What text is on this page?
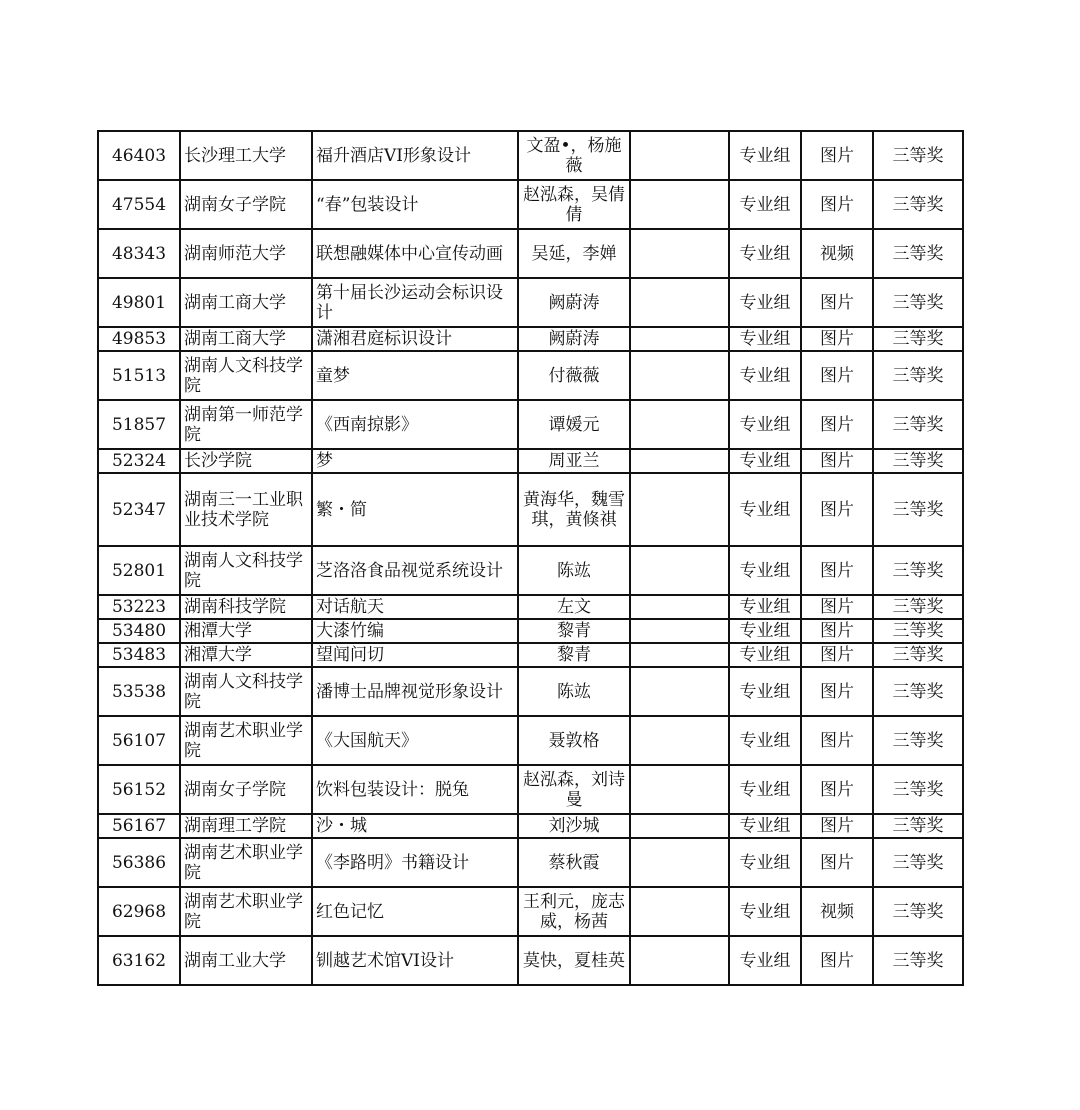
46403	长沙理工大学	福升酒店VI形象设计	文盈•，杨施薇		专业组	图片	三等奖
47554	湖南女子学院	“春”包装设计	赵泓森，吴倩倩		专业组	图片	三等奖
48343	湖南师范大学	联想融媒体中心宣传动画	吴延，李婵		专业组	视频	三等奖
49801	湖南工商大学	第十届长沙运动会标识设计	阙蔚涛		专业组	图片	三等奖
49853	湖南工商大学	潇湘君庭标识设计	阙蔚涛		专业组	图片	三等奖
51513	湖南人文科技学院	童梦	付薇薇		专业组	图片	三等奖
51857	湖南第一师范学院	《西南掠影》	谭媛元		专业组	图片	三等奖
52324	长沙学院	梦	周亚兰		专业组	图片	三等奖
52347	湖南三一工业职业技术学院	繁・简	黄海华，魏雪琪，黄倏祺		专业组	图片	三等奖
52801	湖南人文科技学院	芝洛洛食品视觉系统设计	陈竑		专业组	图片	三等奖
53223	湖南科技学院	对话航天	左文		专业组	图片	三等奖
53480	湘潭大学	大漆竹编	黎青		专业组	图片	三等奖
53483	湘潭大学	望闻问切	黎青		专业组	图片	三等奖
53538	湖南人文科技学院	潘博士品牌视觉形象设计	陈竑		专业组	图片	三等奖
56107	湖南艺术职业学院	《大国航天》	聂敦格		专业组	图片	三等奖
56152	湖南女子学院	饮料包装设计：脱兔	赵泓森，刘诗曼		专业组	图片	三等奖
56167	湖南理工学院	沙・城	刘沙城		专业组	图片	三等奖
56386	湖南艺术职业学院	《李路明》书籍设计	蔡秋霞		专业组	图片	三等奖
62968	湖南艺术职业学院	红色记忆	王利元，庞志威，杨茜		专业组	视频	三等奖
63162	湖南工业大学	钏越艺术馆VI设计	莫快，夏桂英		专业组	图片	三等奖
